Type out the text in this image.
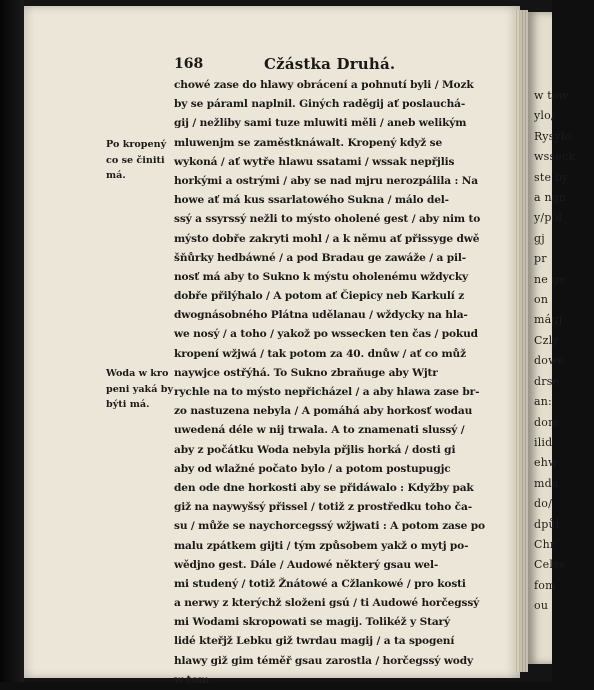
w tow
ylo/
Rysýlo
wsseck
ste by
a ngn
y/pol
gj
pr
ne ge
on
mágj
Czly
dowe
drse
an:
dom
ilid
ehw
mda
do/
dpůl
Chr
Celss
fom
ou
168	Cžástka Druhá.
Po kropený
co se činiti
má.
Woda w kro
peni yaká by
býti má.
chowé zase do hlawy obrácení a pohnutí byli / Mozk
by se páraml naplnil. Giných raděgij ať poslauchá-
gij / nežliby sami tuze mluwiti měli / aneb welikým
mluwenjm se zaměstknáwalt. Kropený když se
wykoná / ať wytře hlawu ssatami / wssak nepřjlis
horkými a ostrými / aby se nad mjru nerozpálila : Na
howe ať má kus ssarlatowého Sukna / málo del-
ssý a ssyrssý nežli to mýsto oholené gest / aby nim to
mýsto dobře zakryti mohl / a k němu ať přissyge dwě
šňůrky hedbáwné / a pod Bradau ge zawáže / a pil-
nosť má aby to Sukno k mýstu oholenému wždycky
dobře přilýhalo / A potom ať Čiepicy neb Karkulí z
dwognásobného Plátna udělanau / wždycky na hla-
we nosý / a toho / yakož po wssecken ten čas / pokud
kropení wžjwá / tak potom za 40. dnůw / ať co můž
naywjce ostřýhá. To Sukno zbraňuge aby Wjtr
rychle na to mýsto nepřicházel / a aby hlawa zase br-
zo nastuzena nebyla / A pomáhá aby horkosť wodau
uwedená déle w nij trwala. A to znamenati slussý /
aby z počátku Woda nebyla přjlis horká / dosti gi
aby od wlažné počato bylo / a potom postupugjc
den ode dne horkosti aby se přidáwalo : Kdyžby pak
giž na naywyšsý přissel / totiž z prostředku toho ča-
su / může se naychorcegssý wžjwati : A potom zase po
malu zpátkem gijti / tým způsobem yakž o mytj po-
wědjno gest. Dále / Audowé některý gsau wel-
mi studený / totiž Žnátowé a Cžlankowé / pro kosti
a nerwy z kterýchž složeni gsú / ti Audowé horčegssý
mi Wodami skropowati se magij. Tolikéž y Starý
lidé kteřjž Lebku giž twrdau magij / a ta spogení
hlawy giž gim téměř gsau zarostla / horčegssý wody
w tom
